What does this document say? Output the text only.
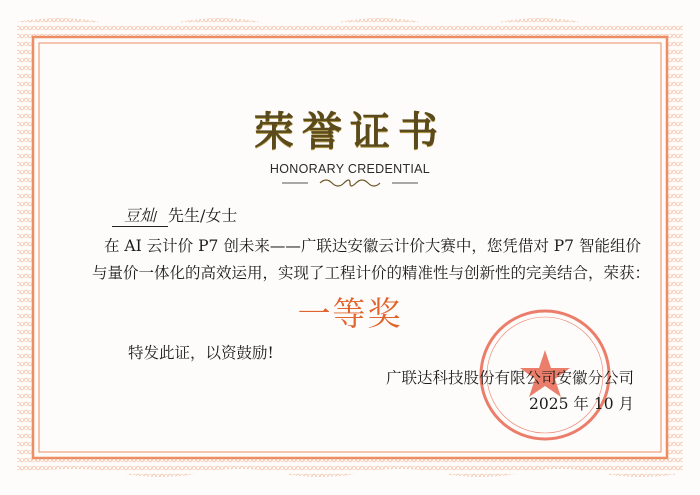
荣誉证书
HONORARY CREDENTIAL
豆灿 先生/女士
在 AI 云计价 P7 创未来——广联达安徽云计价大赛中，您凭借对 P7 智能组价
与量价一体化的高效运用，实现了工程计价的精准性与创新性的完美结合，荣获：
一等奖
特发此证，以资鼓励!
广联达科技股份有限公司安徽分公司
2025 年 10 月
